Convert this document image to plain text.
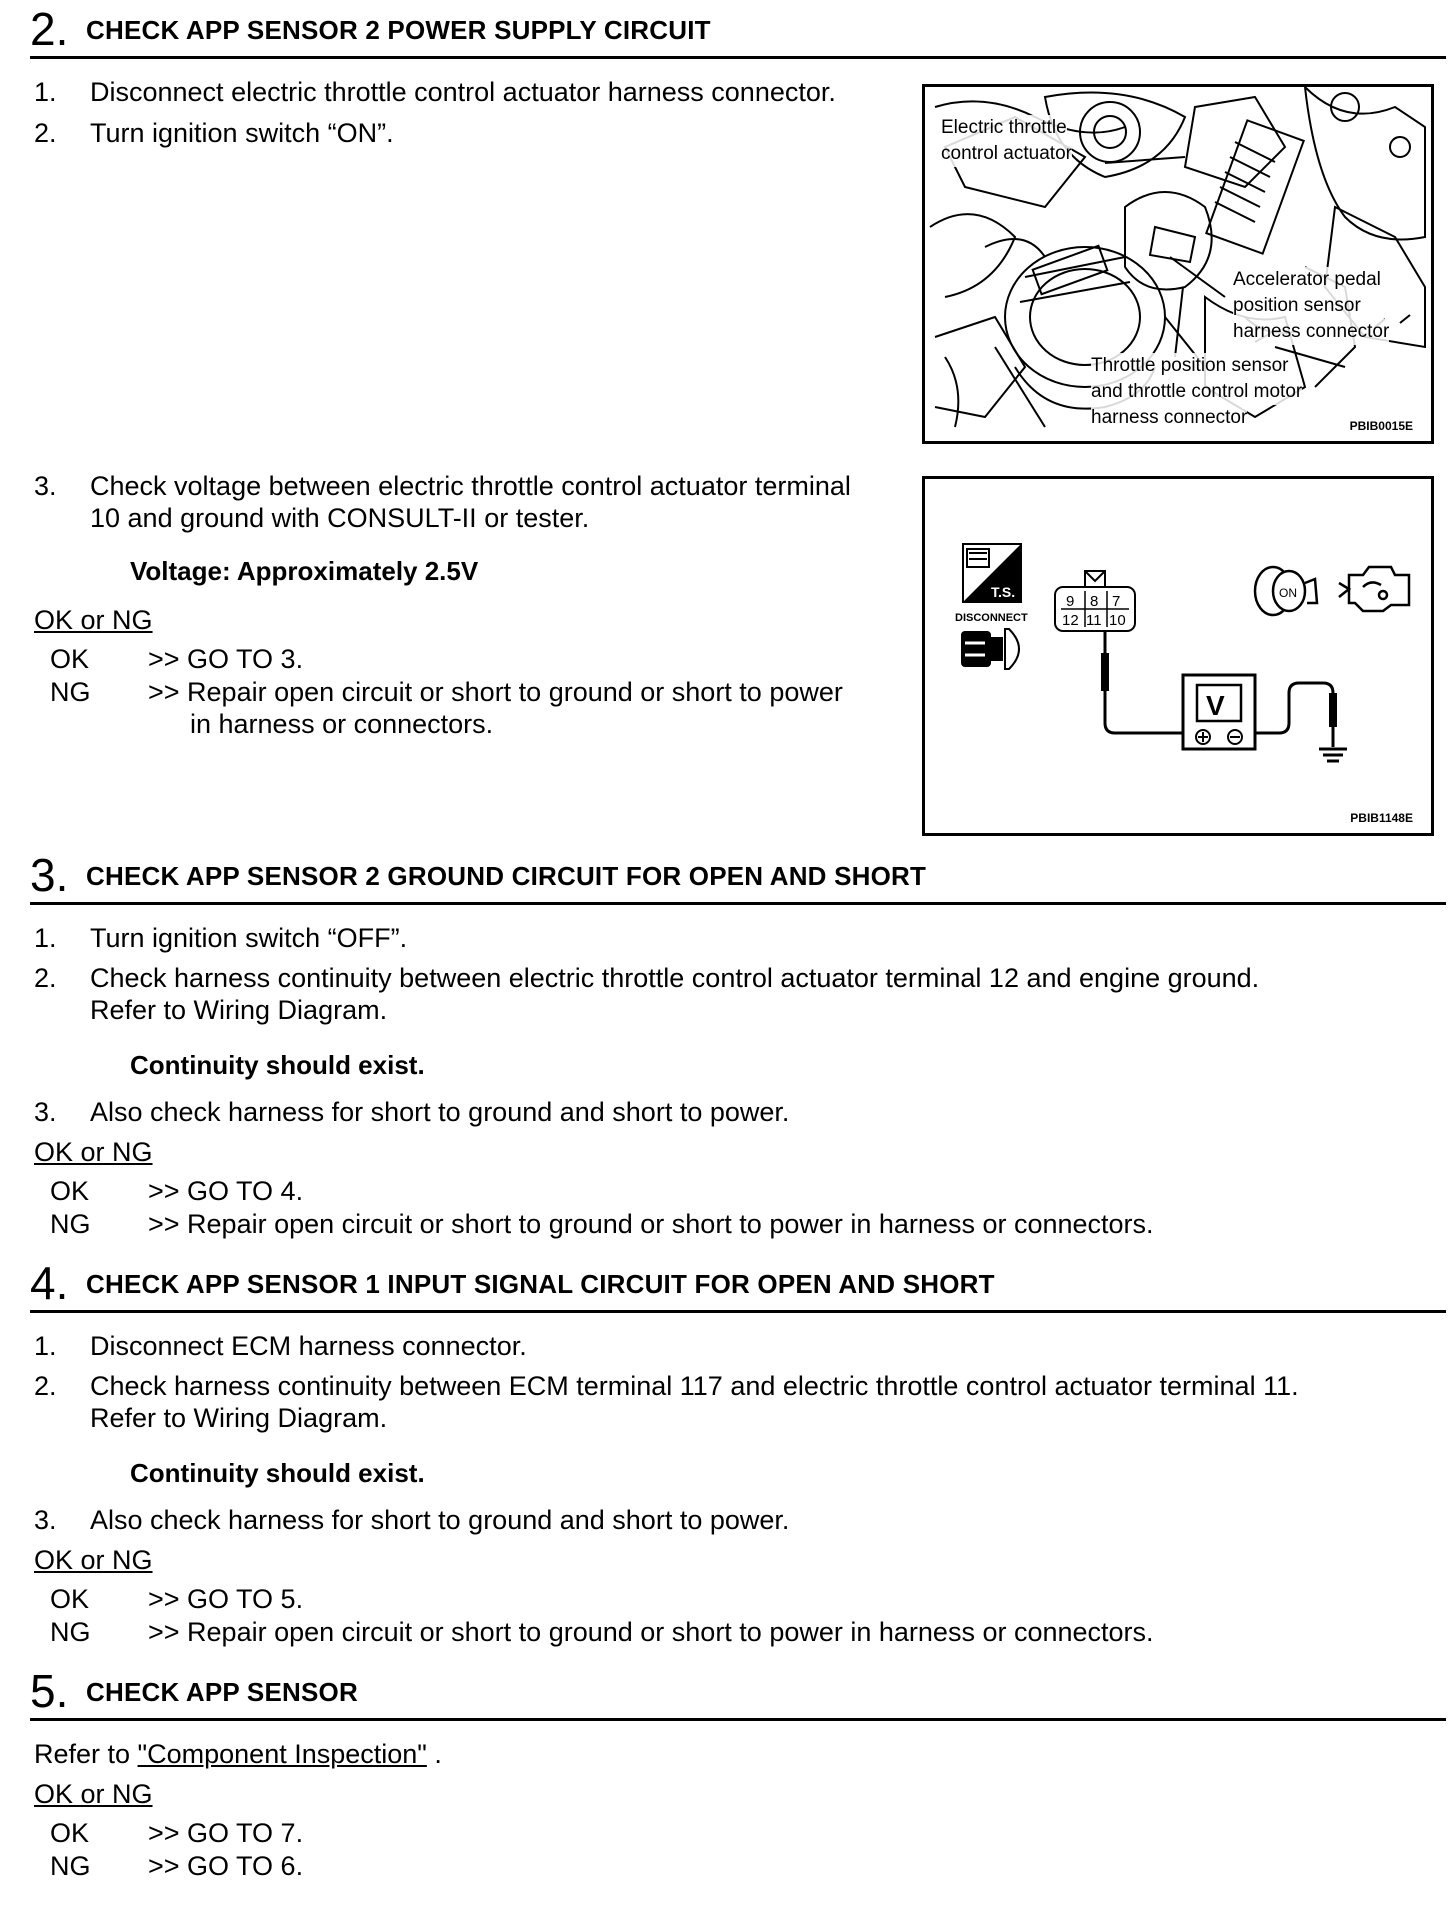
2. CHECK APP SENSOR 2 POWER SUPPLY CIRCUIT
1. Disconnect electric throttle control actuator harness connector.
2. Turn ignition switch “ON”.
3. Check voltage between electric throttle control actuator terminal
10 and ground with CONSULT-II or tester.
Voltage: Approximately 2.5V
OK or NG
OK >> GO TO 3.
NG >> Repair open circuit or short to ground or short to power
in harness or connectors.
Electric throttle
control actuator
Accelerator pedal
position sensor
harness connector
Throttle position sensor
and throttle control motor
harness connector	PBIB0015E
T.S.
DISCONNECT
9 8 7
12 11 10
V
ON
PBIB1148E
3. CHECK APP SENSOR 2 GROUND CIRCUIT FOR OPEN AND SHORT
1. Turn ignition switch “OFF”.
2. Check harness continuity between electric throttle control actuator terminal 12 and engine ground.
Refer to Wiring Diagram.
Continuity should exist.
3. Also check harness for short to ground and short to power.
OK or NG
OK >> GO TO 4.
NG >> Repair open circuit or short to ground or short to power in harness or connectors.
4. CHECK APP SENSOR 1 INPUT SIGNAL CIRCUIT FOR OPEN AND SHORT
1. Disconnect ECM harness connector.
2. Check harness continuity between ECM terminal 117 and electric throttle control actuator terminal 11.
Refer to Wiring Diagram.
Continuity should exist.
3. Also check harness for short to ground and short to power.
OK or NG
OK >> GO TO 5.
NG >> Repair open circuit or short to ground or short to power in harness or connectors.
5. CHECK APP SENSOR
Refer to "Component Inspection" .
OK or NG
OK >> GO TO 7.
NG >> GO TO 6.
